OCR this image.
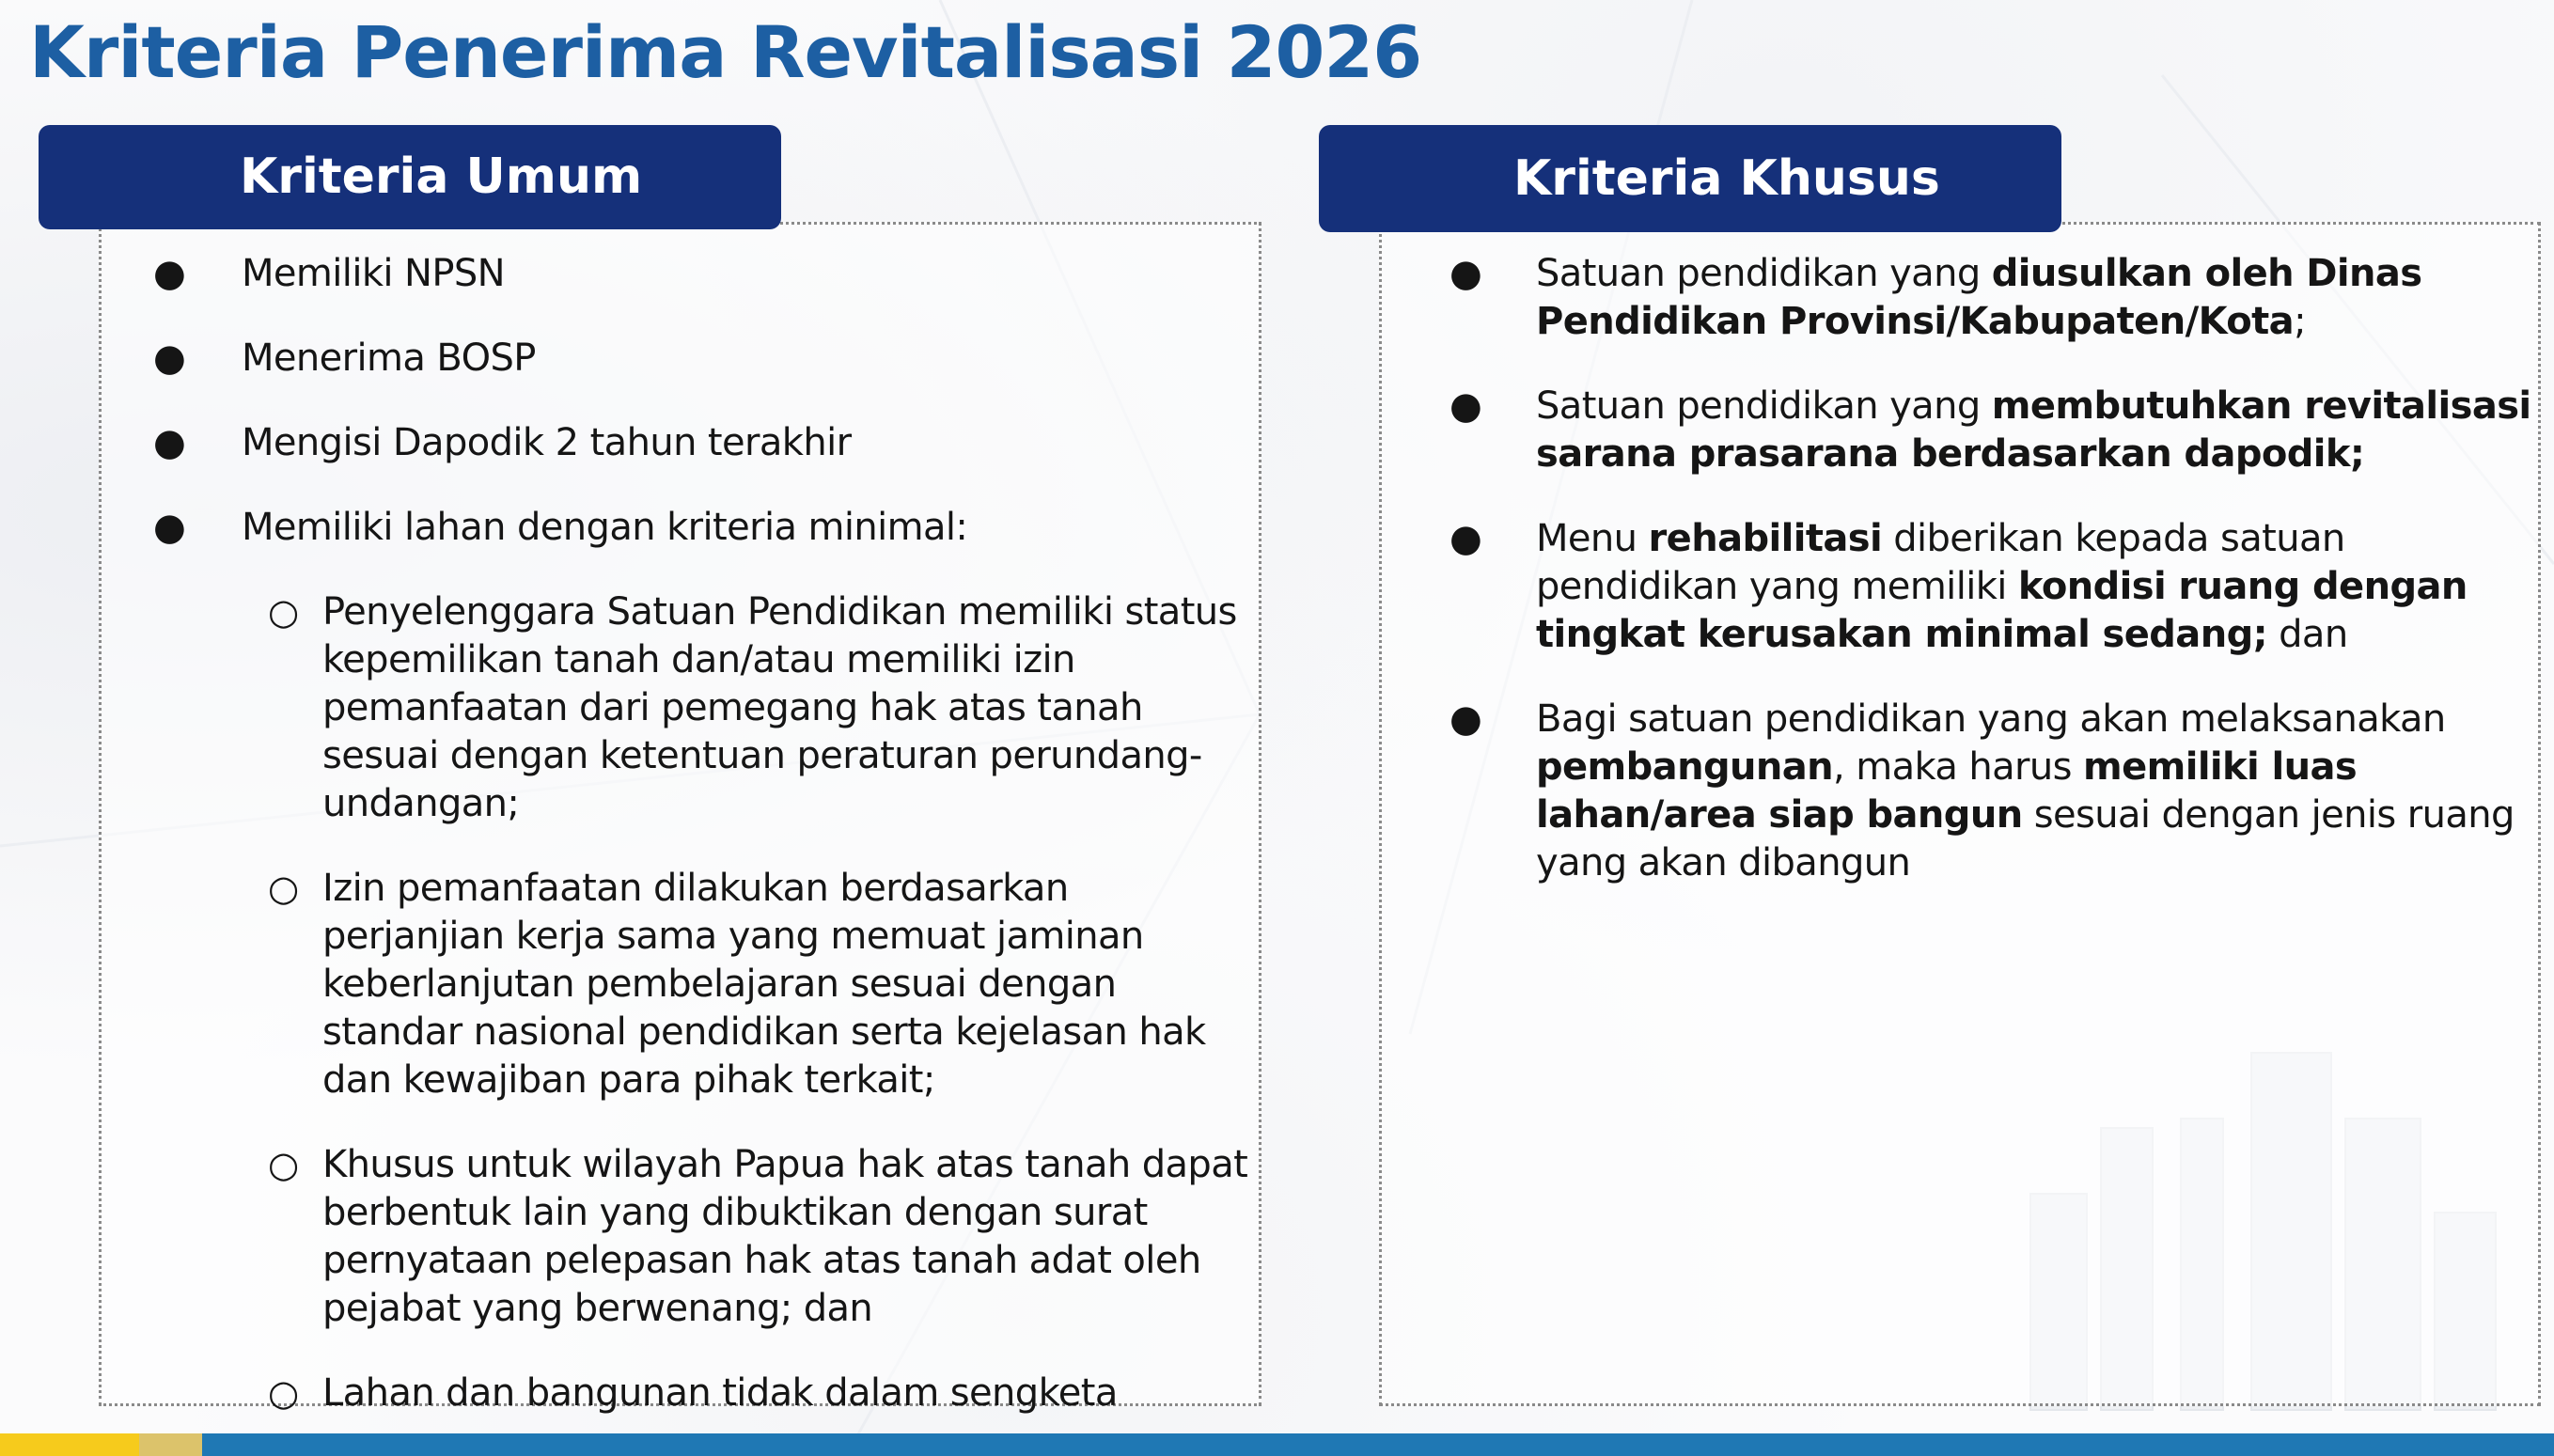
Kriteria Penerima Revitalisasi 2026
Kriteria Umum	Kriteria Khusus
● Memiliki NPSN
● Menerima BOSP
● Mengisi Dapodik 2 tahun terakhir
● Memiliki lahan dengan kriteria minimal:
○ Penyelenggara Satuan Pendidikan memiliki status kepemilikan tanah dan/atau memiliki izin pemanfaatan dari pemegang hak atas tanah sesuai dengan ketentuan peraturan perundang-undangan;
○ Izin pemanfaatan dilakukan berdasarkan perjanjian kerja sama yang memuat jaminan keberlanjutan pembelajaran sesuai dengan standar nasional pendidikan serta kejelasan hak dan kewajiban para pihak terkait;
○ Khusus untuk wilayah Papua hak atas tanah dapat berbentuk lain yang dibuktikan dengan surat pernyataan pelepasan hak atas tanah adat oleh pejabat yang berwenang; dan
○ Lahan dan bangunan tidak dalam sengketa
● Satuan pendidikan yang diusulkan oleh Dinas Pendidikan Provinsi/Kabupaten/Kota;
● Satuan pendidikan yang membutuhkan revitalisasi sarana prasarana berdasarkan dapodik;
● Menu rehabilitasi diberikan kepada satuan pendidikan yang memiliki kondisi ruang dengan tingkat kerusakan minimal sedang; dan
● Bagi satuan pendidikan yang akan melaksanakan pembangunan, maka harus memiliki luas lahan/area siap bangun sesuai dengan jenis ruang yang akan dibangun
